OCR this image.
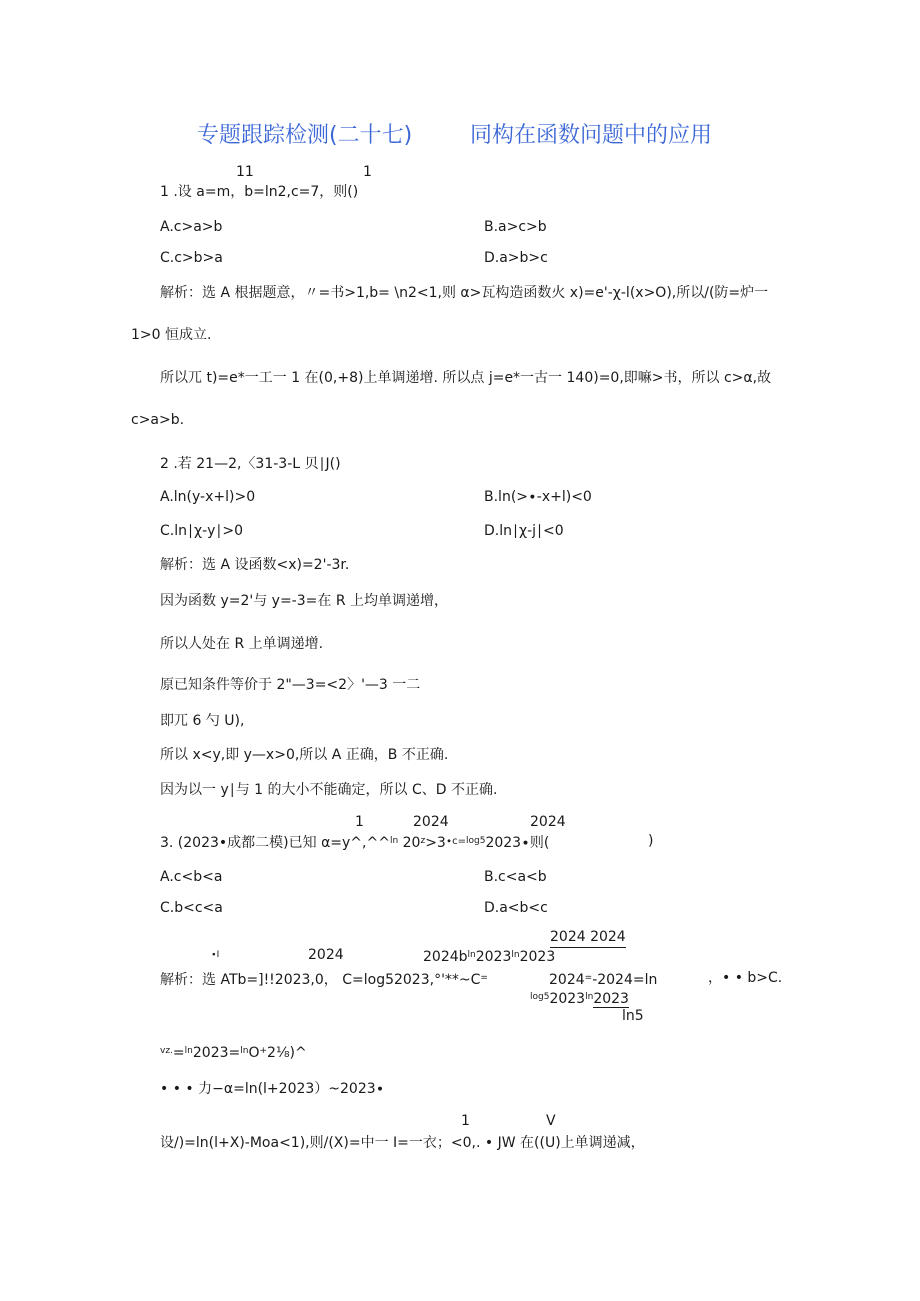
专题跟踪检测(二十七)	同构在函数问题中的应用
11	1
1 .设 a=m，b=ln2,c=7，则()
A.c>a>b	B.a>c>b
C.c>b>a	D.a>b>c
解析：选 A 根据题意，〃=书>1,b= \n2<1,则 α>瓦构造函数火 x)=e'-χ-l(x>O),所以/(防=炉一
1>0 恒成立.
所以兀 t)=e*一工一 1 在(0,+8)上单调递增. 所以点 j=e*一古一 140)=0,即嘛>书，所以 c>α,故
c>a>b.
2 .若 21—2,〈31-3-L 贝∣J()
A.ln(y-x+l)>0	B.ln(>∙-x+l)<0
C.ln∣χ-y∣>0	D.ln∣χ-j∣<0
解析：选 A 设函数<x)=2'-3r.
因为函数 y=2'与 y=-3=在 R 上均单调递增，
所以人处在 R 上单调递增.
原已知条件等价于 2"—3=<2〉'—3 一二
即兀 6 勺 U),
所以 x<y,即 y—x>0,所以 A 正确，B 不正确.
因为以一 y∣与 1 的大小不能确定，所以 C、D 不正确.
1	2024	2024
3. (2023•成都二模)已知 α=y^,^^$^{ln}$ $20^z>3^{\cdot c=log5}2023\cdot$则(	)
A.c<b<a	B.c<a<b
C.b<c<a	D.a<b<c
2024 2024
∙I	2024	$2024b^{ln}2023^{ln}2023$
解析：选 ATb=]!!2023,0， C=log52023,°'**~C=	2024=-2024=ln	，• • b>C.
$^{log5}2023^{ln}2023$
ln5
$^{vz.}$=$^{ln}$2023=$^{ln}$O+2⅛)^
• • • 力−α=ln(l+2023）~2023∙
1	V
设/)=ln(l+X)-Moa<1),则/(X)=中一 I=一衣；<0,. • JW 在((U)上单调递减，
